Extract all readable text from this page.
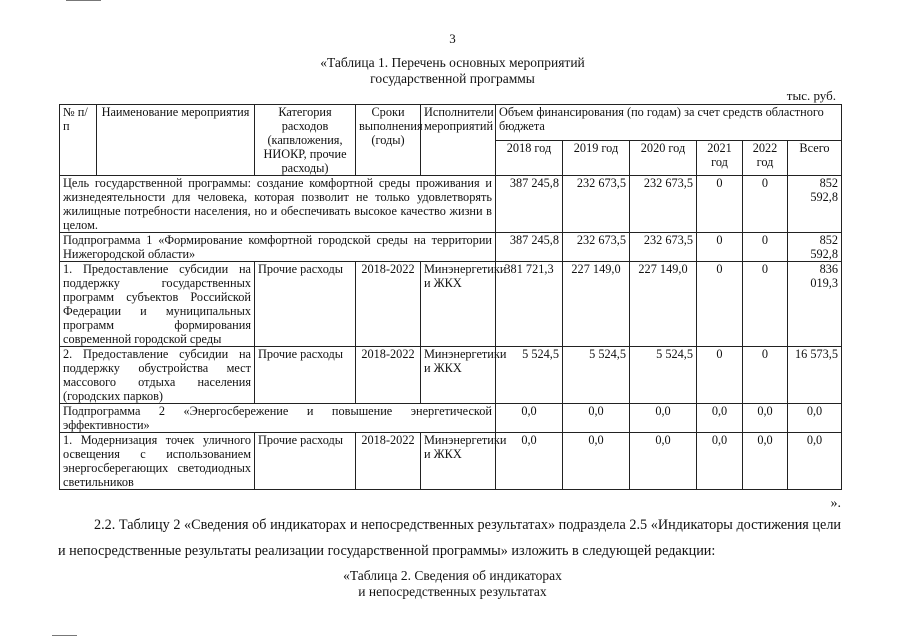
3
«Таблица 1. Перечень основных мероприятий
государственной программы
тыс. руб.
№ п/п	Наименование мероприятия	Категория расходов (капвложения, НИОКР, прочие расходы)	Сроки выполнения (годы)	Исполнители мероприятий	Объем финансирования (по годам) за счет средств областного бюджета					
					2018 год	2019 год	2020 год	2021 год	2022 год	Всего
Цель государственной программы: создание комфортной среды проживания и жизнедеятельности для человека, которая позволит не только удовлетворять жилищные потребности населения, но и обеспечивать высокое качество жизни в целом.					387 245,8	232 673,5	232 673,5	0	0	852 592,8
Подпрограмма 1 «Формирование комфортной городской среды на территории Нижегородской области»					387 245,8	232 673,5	232 673,5	0	0	852 592,8
1. Предоставление субсидии на поддержку государственных программ субъектов Российской Федерации и муниципальных программ формирования современной городской среды		Прочие расходы	2018-2022	Минэнергетики и ЖКХ	381 721,3	227 149,0	227 149,0	0	0	836 019,3
2. Предоставление субсидии на поддержку обустройства мест массового отдыха населения (городских парков)		Прочие расходы	2018-2022	Минэнергетики и ЖКХ	5 524,5	5 524,5	5 524,5	0	0	16 573,5
Подпрограмма 2 «Энергосбережение и повышение энергетической эффективности»					0,0	0,0	0,0	0,0	0,0	0,0
1. Модернизация точек уличного освещения с использованием энергосберегающих светодиодных светильников		Прочие расходы	2018-2022	Минэнергетики и ЖКХ	0,0	0,0	0,0	0,0	0,0	0,0
».
2.2. Таблицу 2 «Сведения об индикаторах и непосредственных результатах» подраздела 2.5 «Индикаторы достижения цели и непосредственные результаты реализации государственной программы» изложить в следующей редакции:
«Таблица 2. Сведения об индикаторах
и непосредственных результатах
